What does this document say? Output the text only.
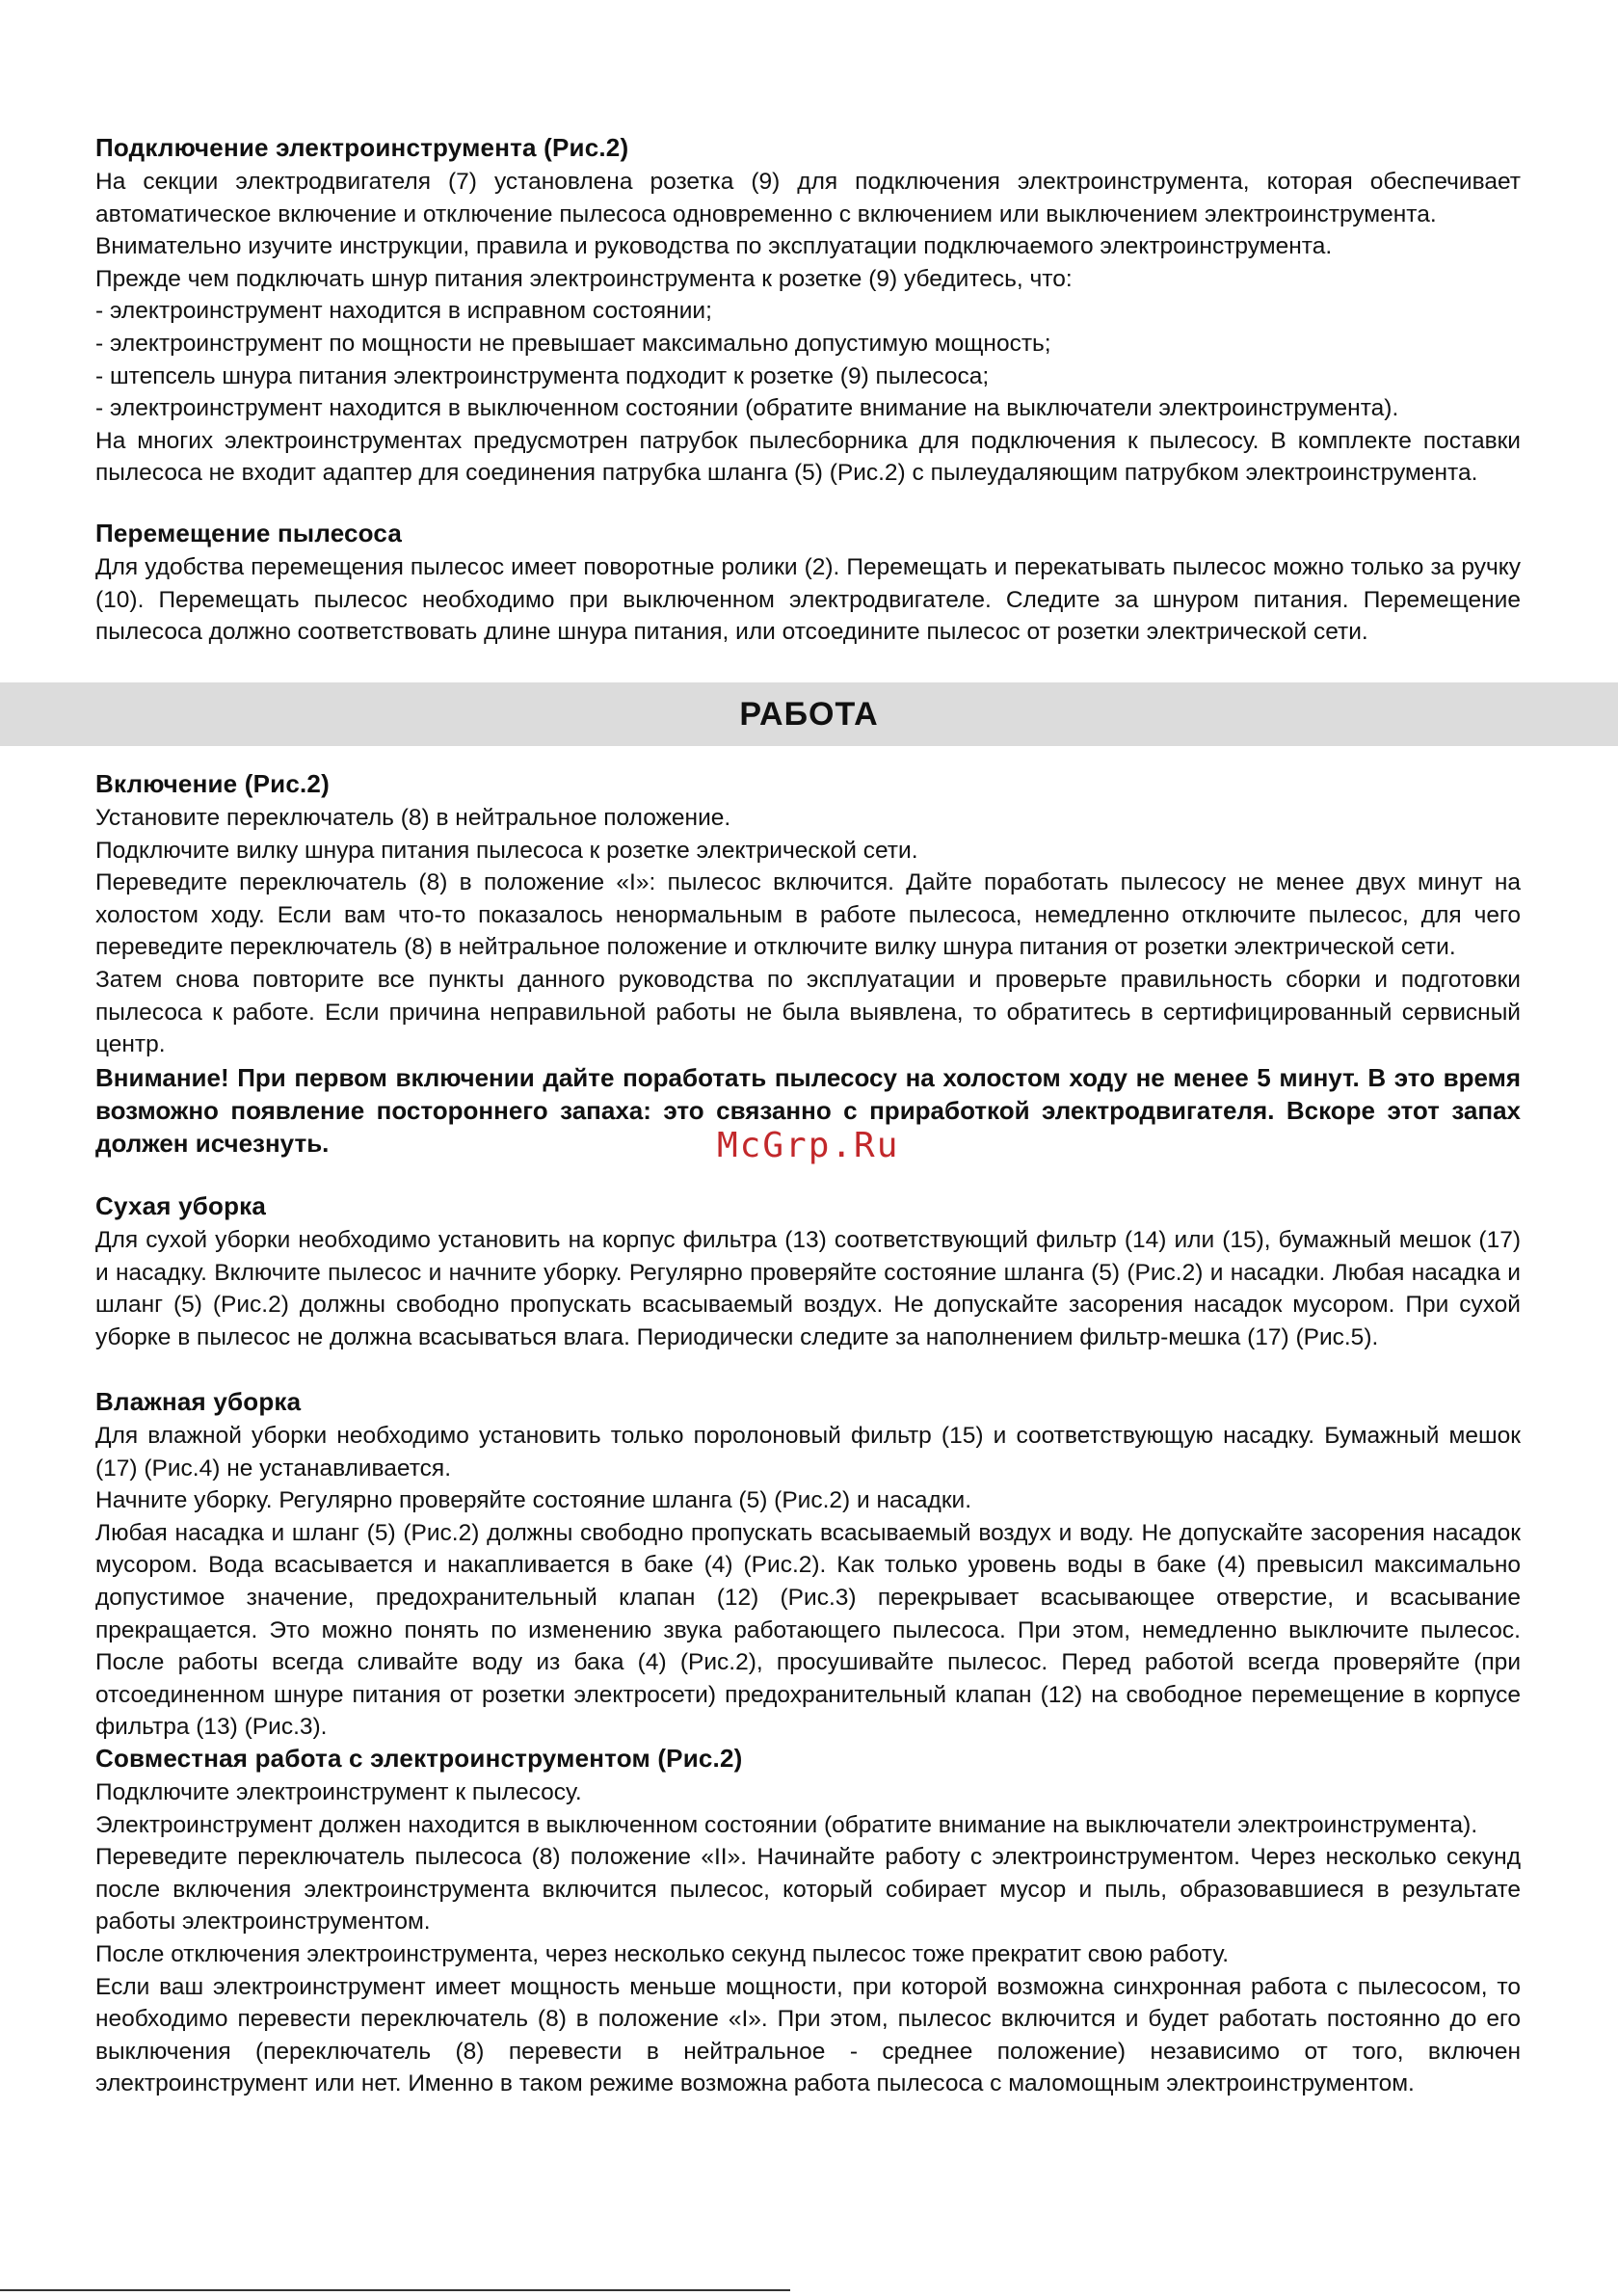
Подключение электроинструмента (Рис.2)

На секции электродвигателя (7) установлена розетка (9) для подключения электроинструмента, которая обеспечивает автоматическое включение и отключение пылесоса одновременно с включением или выключением электроинструмента.

Внимательно изучите инструкции, правила и руководства по эксплуатации подключаемого электроинструмента.

Прежде чем подключать шнур питания электроинструмента к розетке (9) убедитесь, что:

- электроинструмент находится в исправном состоянии;

- электроинструмент по мощности не превышает максимально допустимую мощность;

- штепсель шнура питания электроинструмента подходит к розетке (9) пылесоса;

- электроинструмент находится в выключенном состоянии (обратите внимание на выключатели электроинструмента).

На многих электроинструментах предусмотрен патрубок пылесборника для подключения к пылесосу. В комплекте поставки пылесоса не входит адаптер для соединения патрубка шланга (5) (Рис.2) с пылеудаляющим патрубком электроинструмента.

Перемещение пылесоса

Для удобства перемещения пылесос имеет поворотные ролики (2). Перемещать и перекатывать пылесос можно только за ручку (10). Перемещать пылесос необходимо при выключенном электродвигателе. Следите за шнуром питания. Перемещение пылесоса должно соответствовать длине шнура питания, или отсоедините пылесос от розетки электрической сети.

РАБОТА
Включение (Рис.2)

Установите переключатель (8) в нейтральное положение.

Подключите вилку шнура питания пылесоса к розетке электрической сети.

Переведите переключатель (8) в положение «I»: пылесос включится. Дайте поработать пылесосу не менее двух минут на холостом ходу. Если вам что-то показалось ненормальным в работе пылесоса, немедленно отключите пылесос, для чего переведите переключатель (8) в нейтральное положение и отключите вилку шнура питания от розетки электрической сети.

Затем снова повторите все пункты данного руководства по эксплуатации и проверьте правильность сборки и подготовки пылесоса к работе. Если причина неправильной работы не была выявлена, то обратитесь в сертифицированный сервисный центр.

Внимание! При первом включении дайте поработать пылесосу на холостом ходу не менее 5 минут. В это время возможно появление постороннего запаха: это связанно с приработкой электродвигателя. Вскоре этот запах должен исчезнуть.	McGrp.Ru
Сухая уборка

Для сухой уборки необходимо установить на корпус фильтра (13) соответствующий фильтр (14) или (15), бумажный мешок (17) и насадку. Включите пылесос и начните уборку. Регулярно проверяйте состояние шланга (5) (Рис.2) и насадки. Любая насадка и шланг (5) (Рис.2) должны свободно пропускать всасываемый воздух. Не допускайте засорения насадок мусором. При сухой уборке в пылесос не должна всасываться влага. Периодически следите за наполнением фильтр-мешка (17) (Рис.5).

Влажная уборка

Для влажной уборки необходимо установить только поролоновый фильтр (15) и соответствующую насадку. Бумажный мешок (17) (Рис.4) не устанавливается.

Начните уборку. Регулярно проверяйте состояние шланга (5) (Рис.2) и насадки.

Любая насадка и шланг (5) (Рис.2) должны свободно пропускать всасываемый воздух и воду. Не допускайте засорения насадок мусором. Вода всасывается и накапливается в баке (4) (Рис.2). Как только уровень воды в баке (4) превысил максимально допустимое значение, предохранительный клапан (12) (Рис.3) перекрывает всасывающее отверстие, и всасывание прекращается. Это можно понять по изменению звука работающего пылесоса. При этом, немедленно выключите пылесос. После работы всегда сливайте воду из бака (4) (Рис.2), просушивайте пылесос. Перед работой всегда проверяйте (при отсоединенном шнуре питания от розетки электросети) предохранительный клапан (12) на свободное перемещение в корпусе фильтра (13) (Рис.3).

Совместная работа с электроинструментом (Рис.2)

Подключите электроинструмент к пылесосу.

Электроинструмент должен находится в выключенном состоянии (обратите внимание на выключатели электроинструмента).

Переведите переключатель пылесоса (8) положение «II». Начинайте работу с электроинструментом. Через несколько секунд после включения электроинструмента включится пылесос, который собирает мусор и пыль, образовавшиеся в результате работы электроинструментом.

После отключения электроинструмента, через несколько секунд пылесос тоже прекратит свою работу.

Если ваш электроинструмент имеет мощность меньше мощности, при которой возможна синхронная работа с пылесосом, то необходимо перевести переключатель (8) в положение «I». При этом, пылесос включится и будет работать постоянно до его выключения (переключатель (8) перевести в нейтральное - среднее положение) независимо от того, включен электроинструмент или нет. Именно в таком режиме возможна работа пылесоса с маломощным электроинструментом.
